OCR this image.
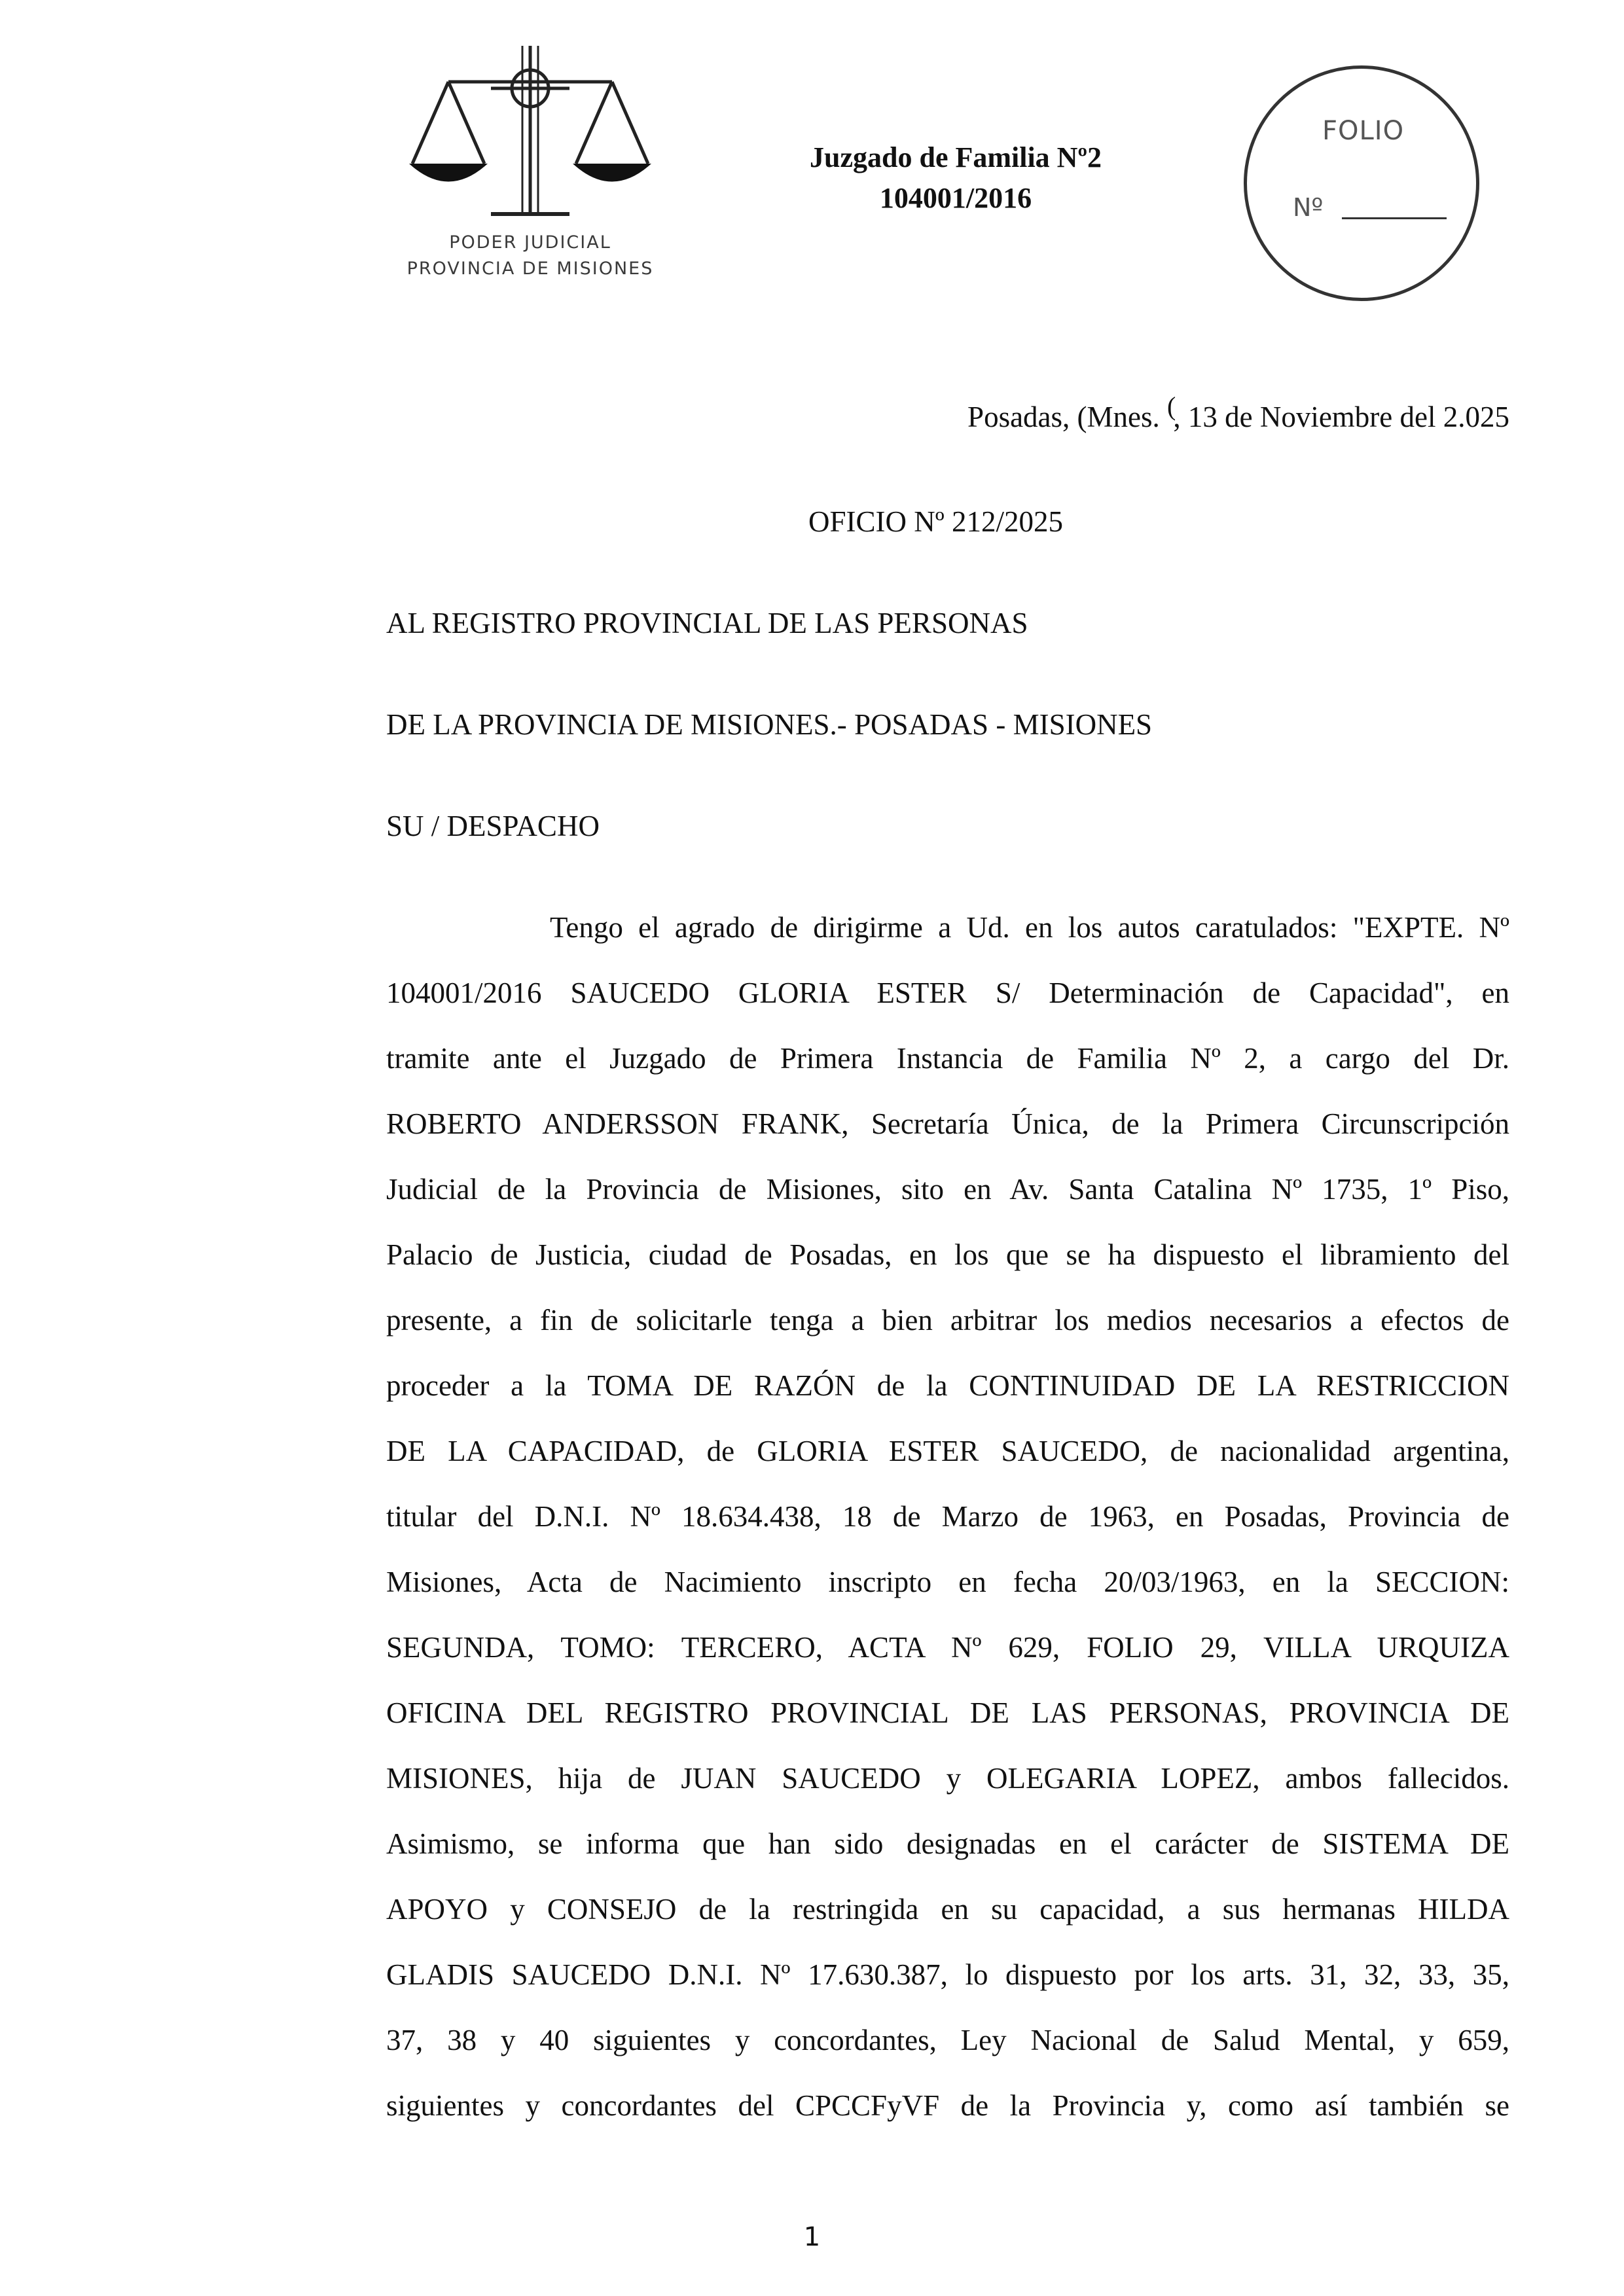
PODER JUDICIAL
PROVINCIA DE MISIONES
Juzgado de Familia Nº2
104001/2016
FOLIO
Nº
Posadas, (Mnes. (, 13 de Noviembre del 2.025
OFICIO Nº 212/2025
AL REGISTRO PROVINCIAL DE LAS PERSONAS
DE LA PROVINCIA DE MISIONES.- POSADAS - MISIONES
SU / DESPACHO
Tengo el agrado de dirigirme a Ud. en los autos caratulados: "EXPTE. Nº
104001/2016 SAUCEDO GLORIA ESTER S/ Determinación de Capacidad", en
tramite ante el Juzgado de Primera Instancia de Familia Nº 2, a cargo del Dr.
ROBERTO ANDERSSON FRANK, Secretaría Única, de la Primera Circunscripción
Judicial de la Provincia de Misiones, sito en Av. Santa Catalina Nº 1735, 1º Piso,
Palacio de Justicia, ciudad de Posadas, en los que se ha dispuesto el libramiento del
presente, a fin de solicitarle tenga a bien arbitrar los medios necesarios a efectos de
proceder a la TOMA DE RAZÓN de la CONTINUIDAD DE LA RESTRICCION
DE LA CAPACIDAD, de GLORIA ESTER SAUCEDO, de nacionalidad argentina,
titular del D.N.I. Nº 18.634.438, 18 de Marzo de 1963, en Posadas, Provincia de
Misiones, Acta de Nacimiento inscripto en fecha 20/03/1963, en la SECCION:
SEGUNDA, TOMO: TERCERO, ACTA Nº 629, FOLIO 29, VILLA URQUIZA
OFICINA DEL REGISTRO PROVINCIAL DE LAS PERSONAS, PROVINCIA DE
MISIONES, hija de JUAN SAUCEDO y OLEGARIA LOPEZ, ambos fallecidos.
Asimismo, se informa que han sido designadas en el carácter de SISTEMA DE
APOYO y CONSEJO de la restringida en su capacidad, a sus hermanas HILDA
GLADIS SAUCEDO D.N.I. Nº 17.630.387, lo dispuesto por los arts. 31, 32, 33, 35,
37, 38 y 40 siguientes y concordantes, Ley Nacional de Salud Mental, y 659,
siguientes y concordantes del CPCCFyVF de la Provincia y, como así también se
1
